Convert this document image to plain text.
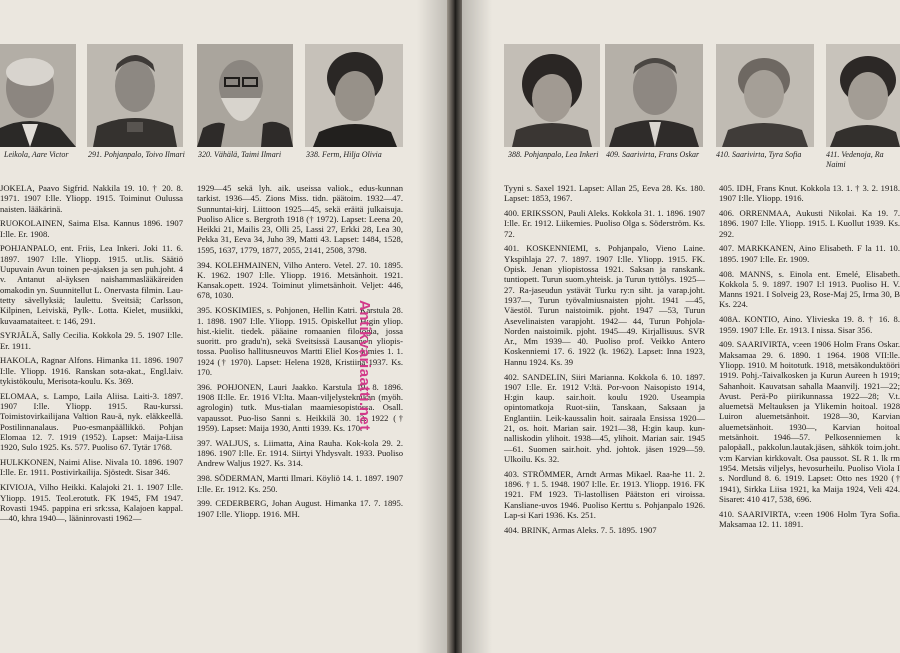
Leikola, Aare Victor	291. Pohjanpalo, Toivo Ilmari	320. Vähälä, Taimi Ilmari	338. Ferm, Hilja Olivia

JOKELA, Paavo Sigfrid. Nakkila 19. 10. † 20. 8. 1971. 1907 I:lle. Yliopp. 1915. Toiminut Oulussa naisten. lääkärinä.

RUOKOLAINEN, Saima Elsa. Kannus 1896. 1907 I:lle. Er. 1908.

POHJANPALO, ent. Friis, Lea Inkeri. Joki 11. 6. 1897. 1907 I:lle. Yliopp. 1915. ut.lis. Säätiö Uupuvain Avun toinen pe-ajaksen ja sen puh.joht. 4 v. Antanut al-äyksen naishammaslääkäreiden omakodin yn. Suunnitellut L. Onervasta filmin. Lau-tetty sävellyksiä; laulettu. Sveitsiä; Carlsson, Kilpinen, Leiviskä, Pylk-. Lotta. Kielet, musiikki, kuvaamataiteet. t: 146, 291.

SYRJÄLÄ, Sally Cecilia. Kokkola 29. 5. 1907 I:lle. Er. 1911.

HAKOLA, Ragnar Alfons. Himanka 11. 1896. 1907 I:lle. Yliopp. 1916. Ranskan sota-akat., Engl.laiv. tykistökoulu, Merisota-koulu. Ks. 369.

ELOMAA, s. Lampo, Laila Aliisa. Laiti-3. 1897. 1907 I:lle. Yliopp. 1915. Rau-kurssi. Toimistovirkailijana Valtion Rau-ä, nyk. eläkkeellä. Postilinnanalaus. Puo-esmanpäällikkö. Pohjan Elomaa 12. 7. 1919 (1952). Lapset: Maija-Liisa 1920, Sulo 1925. Ks. 577. Puoliso 67. Tytär 1768.

HULKKONEN, Naimi Alise. Nivala 10. 1896. 1907 I:lle. Er. 1911. Postivirkailija. Sjöstedt. Sisar 346.

KIVIOJA, Vilho Heikki. Kalajoki 21. 1. 1907 I:lle. Yliopp. 1915. Teol.erotutk. FK 1945, FM 1947. Rovasti 1945. pappina eri srk:ssa, Kalajoen kappal. —40, khra 1940—, lääninrovasti 1962—

1929—45 sekä lyh. aik. useissa valiok., edus-kunnan tarkist. 1936—45. Zions Miss. tidn. päätoim. 1932—47. Sunnuntai-kirj. Liittoon 1925—45, sekä eräitä julkaisuja. Puoliso Alice s. Bergroth 1918 († 1972). Lapset: Leena 20, Heikki 21, Mailis 23, Olli 25, Lassi 27, Erkki 28, Lea 30, Pekka 31, Eeva 34, Juho 39, Matti 43. Lapset: 1484, 1528, 1595, 1637, 1779, 1877, 2055, 2141, 2508, 3798.

394. KOLEHMAINEN, Vilho Antero. Vetel. 27. 10. 1895. K. 1962. 1907 I:lle. Yliopp. 1916. Metsänhoit. 1921. Kansak.opett. 1924. Toiminut ylimetsänhoit. Veljet: 446, 678, 1030.

395. KOSKIMIES, s. Pohjonen, Hellin Katri. Karstula 28. 1. 1898. 1907 I:lle. Yliopp. 1915. Opiskellut H:gin yliop. hist.-kielit. tiedek. pääaine romaanien filologia, jossa suoritt. pro gradu'n), sekä Sveitsissä Lausanne'n yliopis-tossa. Puoliso hallitusneuvos Martti Eliel Kos-kimies 1. 1. 1924 († 1970). Lapset: Helena 1928, Kristiina 1937. Ks. 170.

396. POHJONEN, Lauri Jaakko. Karstula 19. 8. 1896. 1908 II:lle. Er. 1916 VI:lta. Maan-viljelysteknikan (myöh. agrologin) tutk. Mus-tialan maamiesopistossa. Osall. vapaussot. Puo-liso Sanni s. Heikkilä 30. 12. 1922 († 1959). Lapset: Maija 1930, Antti 1939. Ks. 170.

397. WALJUS, s. Liimatta, Aina Rauha. Kok-kola 29. 2. 1896. 1907 I:lle. Er. 1914. Siirtyi Yhdysvalt. 1933. Puoliso Andrew Waljus 1927. Ks. 314.

398. SÖDERMAN, Martti Ilmari. Köyliö 14. 1. 1897. 1907 I:lle. Er. 1912. Ks. 250.

399. CEDERBERG, Johan August. Himanka 17. 7. 1895. 1907 I:lle. Yliopp. 1916. MH.

Antikvariaatti.net
388. Pohjanpalo, Lea Inkeri 409. Saarivirta, Frans Oskar	410. Saarivirta, Tyra Sofia	411. Vedenoja, Ra Naimi

Tyyni s. Saxel 1921. Lapset: Allan 25, Eeva 28. Ks. 180. Lapset: 1853, 1967.

400. ERIKSSON, Pauli Aleks. Kokkola 31. 1. 1896. 1907 I:lle. Er. 1912. Liikemies. Puoliso Olga s. Söderström. Ks. 72.

401. KOSKENNIEMI, s. Pohjanpalo, Vieno Laine. Ykspihlaja 27. 7. 1897. 1907 I:lle. Yliopp. 1915. FK. Opisk. Jenan yliopistossa 1921. Saksan ja ranskank. tuntiopett. Turun suom.yhteisk. ja Turun tyttölys. 1925—27. Ra-jaseudun ystävät Turku ry:n siht. ja varap.joht. 1937—, Turun työvalmiusnaisten pjoht. 1941 —45, Väestöl. Turun naistoimik. pjoht. 1947 —53, Turun Asevelinaisten varapjoht. 1942— 44, Turun Pohjola-Norden naistoimik. pjoht. 1945—49. Kirjallisuus. SVR Ar., Mm 1939— 40. Puoliso prof. Veikko Antero Koskenniemi 17. 6. 1922 (k. 1962). Lapset: Inna 1923, Hannu 1924. Ks. 39

402. SANDELIN, Siiri Marianna. Kokkola 6. 10. 1897. 1907 I:lle. Er. 1912 V:ltä. Por-voon Naisopisto 1914, H:gin kaup. sair.hoit. koulu 1920. Useampia opintomatkoja Ruot-siin, Tanskaan, Saksaan ja Englantiin. Leik-kaussalin hoit. sairaala Ensissa 1920—21, os. hoit. Marian sair. 1921—38, H:gin kaup. kun-nalliskodin ylihoit. 1938—45, ylihoit. Marian sair. 1945—61. Suomen sair.hoit. yhd. johtok. jäsen 1929—59. Ulkoilu. Ks. 32.

403. STRÖMMER, Arndt Armas Mikael. Raa-he 11. 2. 1896. † 1. 5. 1948. 1907 I:lle. Er. 1913. Yliopp. 1916. FK 1921. FM 1923. Ti-lastollisen Päätston eri viroissa. Kansliane-uvos 1946. Puoliso Kerttu s. Pohjanpalo 1926. Lap-si Kari 1936. Ks. 251.

404. BRINK, Armas Aleks. 7. 5. 1895. 1907

405. IDH, Frans Knut. Kokkola 13. 1. † 3. 2. 1918. 1907 I:lle. Yliopp. 1916.

406. ORRENMAA, Aukusti Nikolai. Ka 19. 7. 1896. 1907 I:lle. Yliopp. 1915. L Kuollut 1939. Ks. 292.

407. MARKKANEN, Aino Elisabeth. F la 11. 10. 1895. 1907 I:lle. Er. 1909.

408. MANNS, s. Einola ent. Emelé, Elisabeth. Kokkola 5. 9. 1897. 1907 I:l 1913. Puoliso H. V. Manns 1921. I Solveig 23, Rose-Maj 25, Irma 30, B Ks. 224.

408A. KONTIO, Aino. Ylivieska 19. 8. † 16. 8. 1959. 1907 I:lle. Er. 1913. I nissa. Sisar 356.

409. SAARIVIRTA, v:een 1906 Holm Frans Oskar. Maksamaa 29. 6. 1890. 1 1964. 1908 VII:lle. Yliopp. 1910. M hoitotutk. 1918, metsäkonduktööri 1919. Pohj.-Taivalkosken ja Kurun Aureen h 1919; Sahanhoit. Kauvatsan sahalla Maanvilj. 1921—22; Avust. Perä-Po piirikunnassa 1922—28; V.t. aluemetsä Meltauksen ja Ylikemin hoitoal. 1928 Luiron aluemetsänhoit. 1928—30, Karvian aluemetsänhoit. 1930—, Karvian hoitoal metsänhoit. 1946—57. Pelkosenniemen k palopäall., pakkolun.lautak.jäsen, sähkök toim.joht. v:m Karvian kirkkovalt. Osa paussot. SL R 1. lk rm 1954. Metsäs viljelys, hevosurheilu. Puoliso Viola I s. Nordlund 8. 6. 1919. Lapset: Otto nes 1920 († 1941), Sirkka Liisa 1921, ka Maija 1924, Veli 424. Sisaret: 410 417, 538, 696.

410. SAARIVIRTA, v:een 1906 Holm Tyra Sofia. Maksamaa 12. 11. 1891.
